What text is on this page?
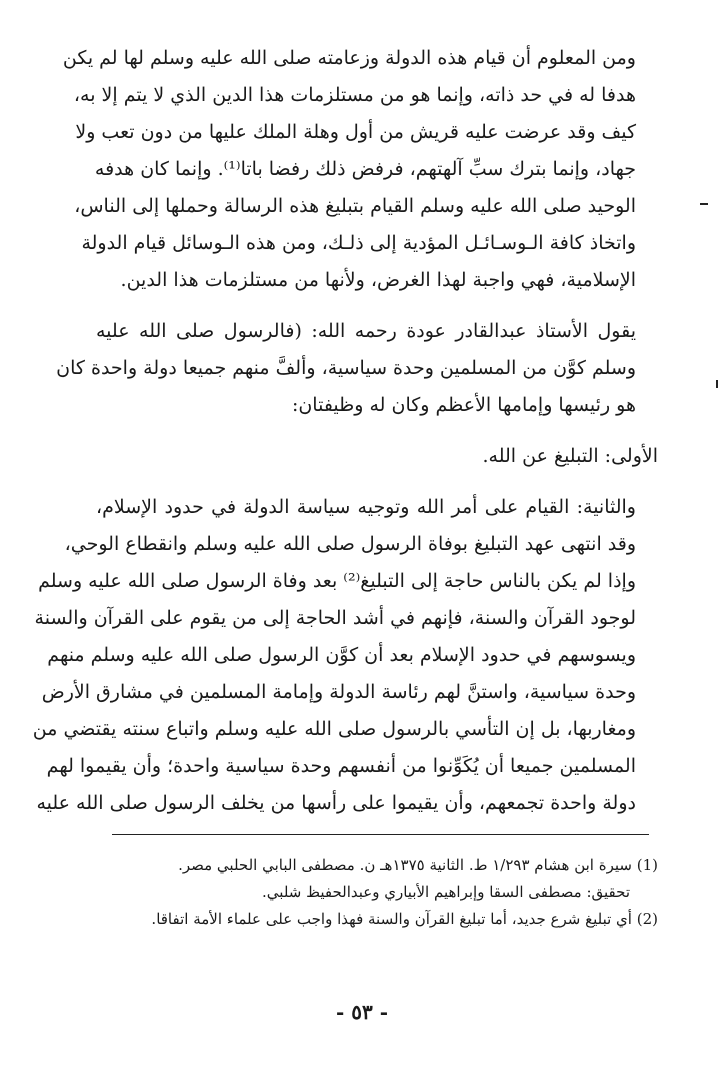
ومن المعلوم أن قيام هذه الدولة وزعامته صلى الله عليه وسلم لها لم يكن
هدفا له في حد ذاته، وإنما هو من مستلزمات هذا الدين الذي لا يتم إلا به،
كيف وقد عرضت عليه قريش من أول وهلة الملك عليها من دون تعب ولا
جهاد، وإنما بترك سبِّ آلهتهم، فرفض ذلك رفضا باتا⁽¹⁾. وإنما كان هدفه
الوحيد صلى الله عليه وسلم القيام بتبليغ هذه الرسالة وحملها إلى الناس،
واتخاذ كافة الـوسـائـل المؤدية إلى ذلـك، ومن هذه الـوسائل قيام الدولة
الإسلامية، فهي واجبة لهذا الغرض، ولأنها من مستلزمات هذا الدين.

يقول الأستاذ عبدالقادر عودة رحمه الله: (فالرسول صلى الله عليه
وسلم كوَّن من المسلمين وحدة سياسية، وألفَّ منهم جميعا دولة واحدة كان
هو رئيسها وإمامها الأعظم وكان له وظيفتان:

الأولى: التبليغ عن الله.

والثانية: القيام على أمر الله وتوجيه سياسة الدولة في حدود الإسلام،
وقد انتهى عهد التبليغ بوفاة الرسول صلى الله عليه وسلم وانقطاع الوحي،
وإذا لم يكن بالناس حاجة إلى التبليغ⁽²⁾ بعد وفاة الرسول صلى الله عليه وسلم
لوجود القرآن والسنة، فإنهم في أشد الحاجة إلى من يقوم على القرآن والسنة
ويسوسهم في حدود الإسلام بعد أن كوَّن الرسول صلى الله عليه وسلم منهم
وحدة سياسية، واستنَّ لهم رئاسة الدولة وإمامة المسلمين في مشارق الأرض
ومغاربها، بل إن التأسي بالرسول صلى الله عليه وسلم واتباع سنته يقتضي من
المسلمين جميعا أن يُكَوِّنوا من أنفسهم وحدة سياسية واحدة؛ وأن يقيموا لهم
دولة واحدة تجمعهم، وأن يقيموا على رأسها من يخلف الرسول صلى الله عليه

(1) سيرة ابن هشام ١/٢٩٣ ط. الثانية ١٣٧٥هـ ن. مصطفى البابي الحلبي مصر.
تحقيق: مصطفى السقا وإبراهيم الأبياري وعبدالحفيظ شلبي.
(2) أي تبليغ شرع جديد، أما تبليغ القرآن والسنة فهذا واجب على علماء الأمة اتفاقا.
- ٥٣ -
